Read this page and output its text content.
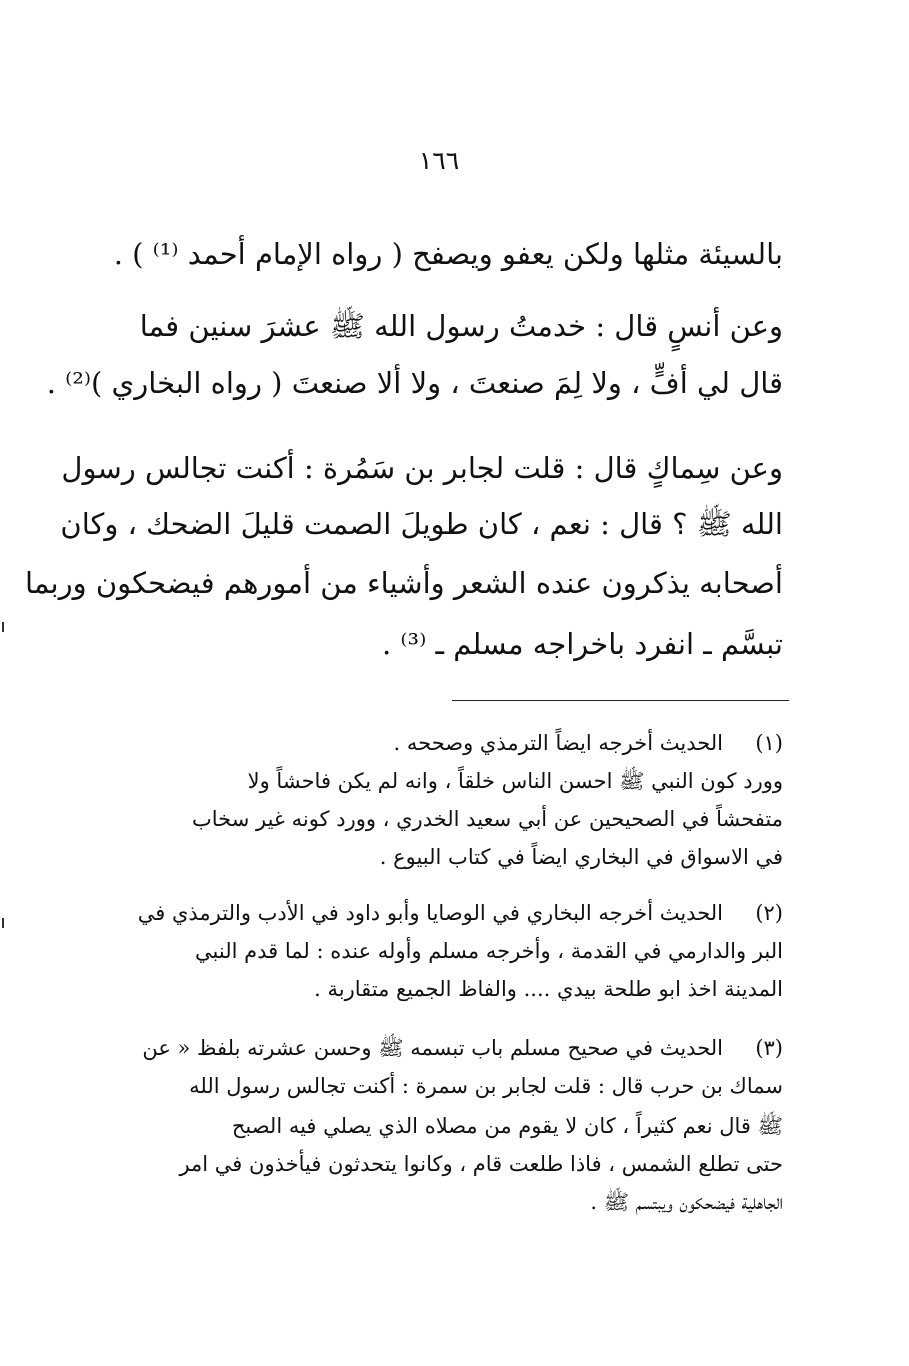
١٦٦
بالسيئة مثلها ولكن يعفو ويصفح ( رواه الإمام أحمد ⁽¹⁾ ) .
وعن أنسٍ قال : خدمتُ رسول الله ﷺ عشرَ سنين فما
قال لي أفٍّ ، ولا لِمَ صنعتَ ، ولا ألا صنعتَ ( رواه البخاري )⁽²⁾ .
وعن سِماكٍ قال : قلت لجابر بن سَمُرة : أكنت تجالس رسول
الله ﷺ ؟ قال : نعم ، كان طويلَ الصمت قليلَ الضحك ، وكان
أصحابه يذكرون عنده الشعر وأشياء من أمورهم فيضحكون وربما
تبسَّم ـ انفرد باخراجه مسلم ـ ⁽³⁾ .
(١)
الحديث أخرجه ايضاً الترمذي وصححه .
وورد كون النبي ﷺ احسن الناس خلقاً ، وانه لم يكن فاحشاً ولا
متفحشاً في الصحيحين عن أبي سعيد الخدري ، وورد كونه غير سخاب
في الاسواق في البخاري ايضاً في كتاب البيوع .
(٢)
الحديث أخرجه البخاري في الوصايا وأبو داود في الأدب والترمذي في
البر والدارمي في القدمة ، وأخرجه مسلم وأوله عنده : لما قدم النبي
المدينة اخذ ابو طلحة بيدي .... والفاظ الجميع متقاربة .
(٣)
الحديث في صحيح مسلم باب تبسمه ﷺ وحسن عشرته بلفظ « عن
سماك بن حرب قال : قلت لجابر بن سمرة : أكنت تجالس رسول الله
ﷺ قال نعم كثيراً ، كان لا يقوم من مصلاه الذي يصلي فيه الصبح
حتى تطلع الشمس ، فاذا طلعت قام ، وكانوا يتحدثون فيأخذون في امر
الجاهلية فيضحكون ويبتسم ﷺ .
